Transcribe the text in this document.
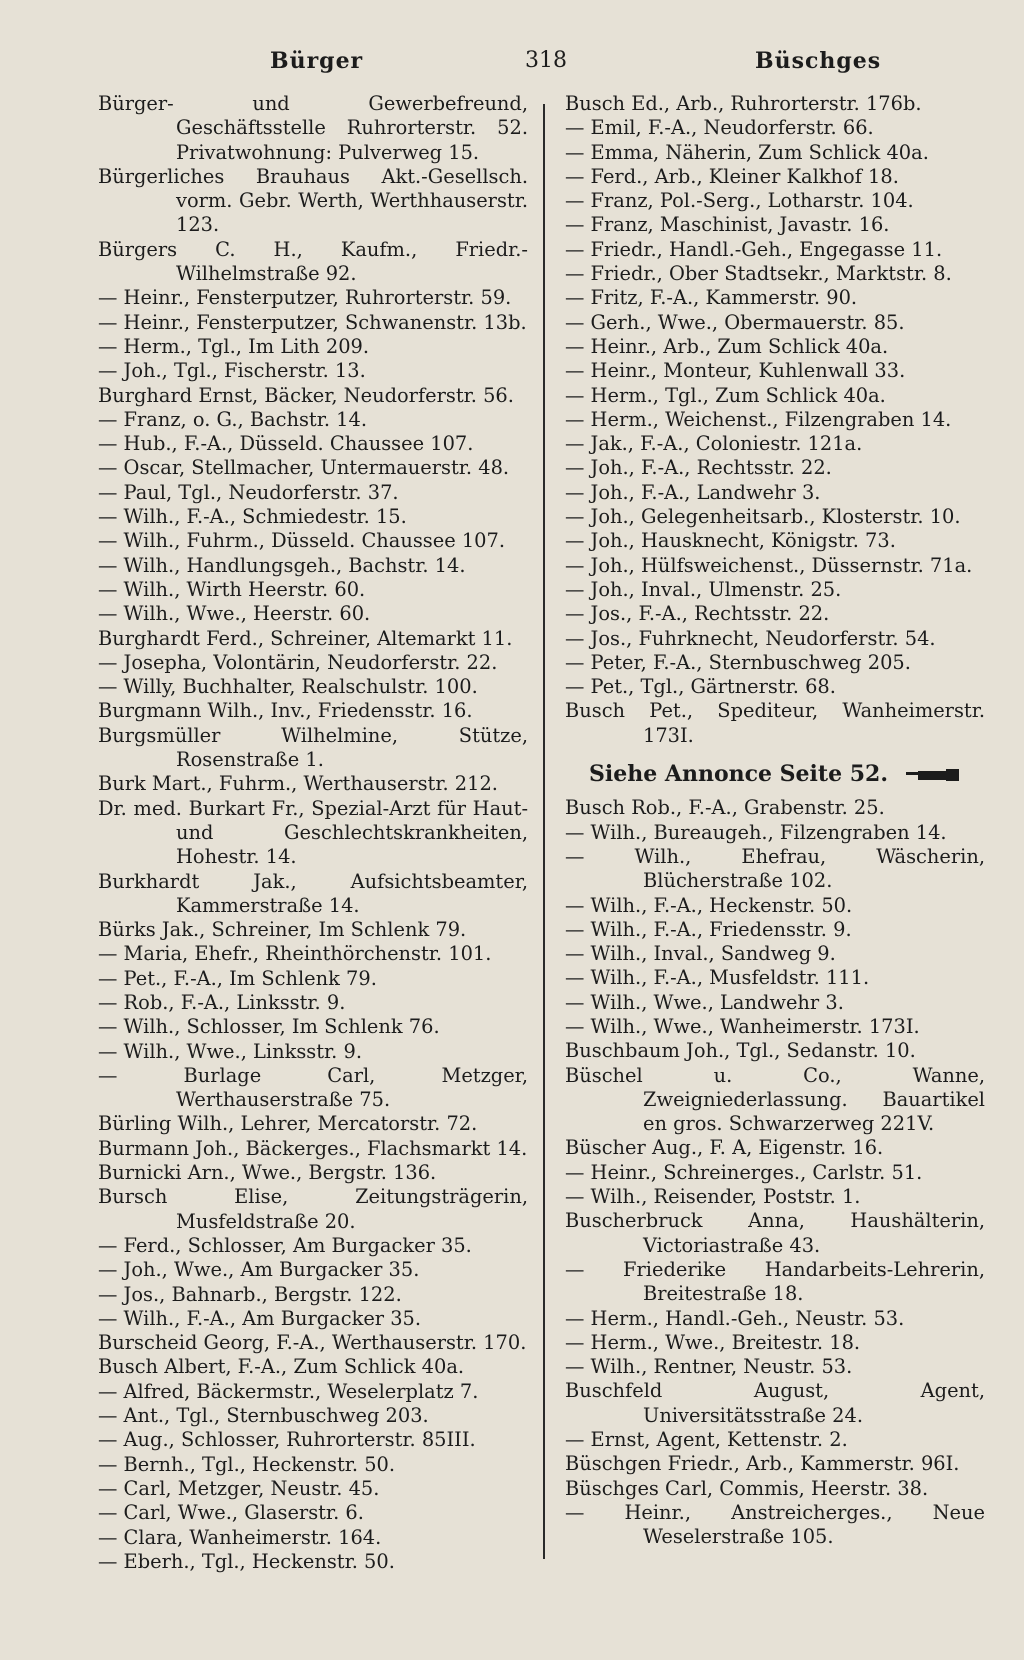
Bürger	318	Büschges

Bürger- und Gewerbefreund, Geschäftsstelle Ruhrorterstr. 52. Privatwohnung: Pulverweg 15.

Bürgerliches Brauhaus Akt.-Gesellsch. vorm. Gebr. Werth, Werthhauserstr. 123.

Bürgers C. H., Kaufm., Friedr.-Wilhelmstraße 92.

— Heinr., Fensterputzer, Ruhrorterstr. 59.

— Heinr., Fensterputzer, Schwanenstr. 13b.

— Herm., Tgl., Im Lith 209.

— Joh., Tgl., Fischerstr. 13.

Burghard Ernst, Bäcker, Neudorferstr. 56.

— Franz, o. G., Bachstr. 14.

— Hub., F.-A., Düsseld. Chaussee 107.

— Oscar, Stellmacher, Untermauerstr. 48.

— Paul, Tgl., Neudorferstr. 37.

— Wilh., F.-A., Schmiedestr. 15.

— Wilh., Fuhrm., Düsseld. Chaussee 107.

— Wilh., Handlungsgeh., Bachstr. 14.

— Wilh., Wirth Heerstr. 60.

— Wilh., Wwe., Heerstr. 60.

Burghardt Ferd., Schreiner, Altemarkt 11.

— Josepha, Volontärin, Neudorferstr. 22.

— Willy, Buchhalter, Realschulstr. 100.

Burgmann Wilh., Inv., Friedensstr. 16.

Burgsmüller Wilhelmine, Stütze, Rosenstraße 1.

Burk Mart., Fuhrm., Werthauserstr. 212.

Dr. med. Burkart Fr., Spezial-Arzt für Haut- und Geschlechtskrankheiten, Hohestr. 14.

Burkhardt Jak., Aufsichtsbeamter, Kammerstraße 14.

Bürks Jak., Schreiner, Im Schlenk 79.

— Maria, Ehefr., Rheinthörchenstr. 101.

— Pet., F.-A., Im Schlenk 79.

— Rob., F.-A., Linksstr. 9.

— Wilh., Schlosser, Im Schlenk 76.

— Wilh., Wwe., Linksstr. 9.

— Burlage Carl, Metzger, Werthauserstraße 75.

Bürling Wilh., Lehrer, Mercatorstr. 72.

Burmann Joh., Bäckerges., Flachsmarkt 14.

Burnicki Arn., Wwe., Bergstr. 136.

Bursch Elise, Zeitungsträgerin, Musfeldstraße 20.

— Ferd., Schlosser, Am Burgacker 35.

— Joh., Wwe., Am Burgacker 35.

— Jos., Bahnarb., Bergstr. 122.

— Wilh., F.-A., Am Burgacker 35.

Burscheid Georg, F.-A., Werthauserstr. 170.

Busch Albert, F.-A., Zum Schlick 40a.

— Alfred, Bäckermstr., Weselerplatz 7.

— Ant., Tgl., Sternbuschweg 203.

— Aug., Schlosser, Ruhrorterstr. 85III.

— Bernh., Tgl., Heckenstr. 50.

— Carl, Metzger, Neustr. 45.

— Carl, Wwe., Glaserstr. 6.

— Clara, Wanheimerstr. 164.

— Eberh., Tgl., Heckenstr. 50.

Busch Ed., Arb., Ruhrorterstr. 176b.

— Emil, F.-A., Neudorferstr. 66.

— Emma, Näherin, Zum Schlick 40a.

— Ferd., Arb., Kleiner Kalkhof 18.

— Franz, Pol.-Serg., Lotharstr. 104.

— Franz, Maschinist, Javastr. 16.

— Friedr., Handl.-Geh., Engegasse 11.

— Friedr., Ober Stadtsekr., Marktstr. 8.

— Fritz, F.-A., Kammerstr. 90.

— Gerh., Wwe., Obermauerstr. 85.

— Heinr., Arb., Zum Schlick 40a.

— Heinr., Monteur, Kuhlenwall 33.

— Herm., Tgl., Zum Schlick 40a.

— Herm., Weichenst., Filzengraben 14.

— Jak., F.-A., Coloniestr. 121a.

— Joh., F.-A., Rechtsstr. 22.

— Joh., F.-A., Landwehr 3.

— Joh., Gelegenheitsarb., Klosterstr. 10.

— Joh., Hausknecht, Königstr. 73.

— Joh., Hülfsweichenst., Düssernstr. 71a.

— Joh., Inval., Ulmenstr. 25.

— Jos., F.-A., Rechtsstr. 22.

— Jos., Fuhrknecht, Neudorferstr. 54.

— Peter, F.-A., Sternbuschweg 205.

— Pet., Tgl., Gärtnerstr. 68.

Busch Pet., Spediteur, Wanheimerstr. 173I.

Siehe Annonce Seite 52.

Busch Rob., F.-A., Grabenstr. 25.

— Wilh., Bureaugeh., Filzengraben 14.

— Wilh., Ehefrau, Wäscherin, Blücherstraße 102.

— Wilh., F.-A., Heckenstr. 50.

— Wilh., F.-A., Friedensstr. 9.

— Wilh., Inval., Sandweg 9.

— Wilh., F.-A., Musfeldstr. 111.

— Wilh., Wwe., Landwehr 3.

— Wilh., Wwe., Wanheimerstr. 173I.

Buschbaum Joh., Tgl., Sedanstr. 10.

Büschel u. Co., Wanne, Zweigniederlassung. Bauartikel en gros. Schwarzerweg 221V.

Büscher Aug., F. A, Eigenstr. 16.

— Heinr., Schreinerges., Carlstr. 51.

— Wilh., Reisender, Poststr. 1.

Buscherbruck Anna, Haushälterin, Victoriastraße 43.

— Friederike Handarbeits-Lehrerin, Breitestraße 18.

— Herm., Handl.-Geh., Neustr. 53.

— Herm., Wwe., Breitestr. 18.

— Wilh., Rentner, Neustr. 53.

Buschfeld August, Agent, Universitätsstraße 24.

— Ernst, Agent, Kettenstr. 2.

Büschgen Friedr., Arb., Kammerstr. 96I.

Büschges Carl, Commis, Heerstr. 38.

— Heinr., Anstreicherges., Neue Weselerstraße 105.
